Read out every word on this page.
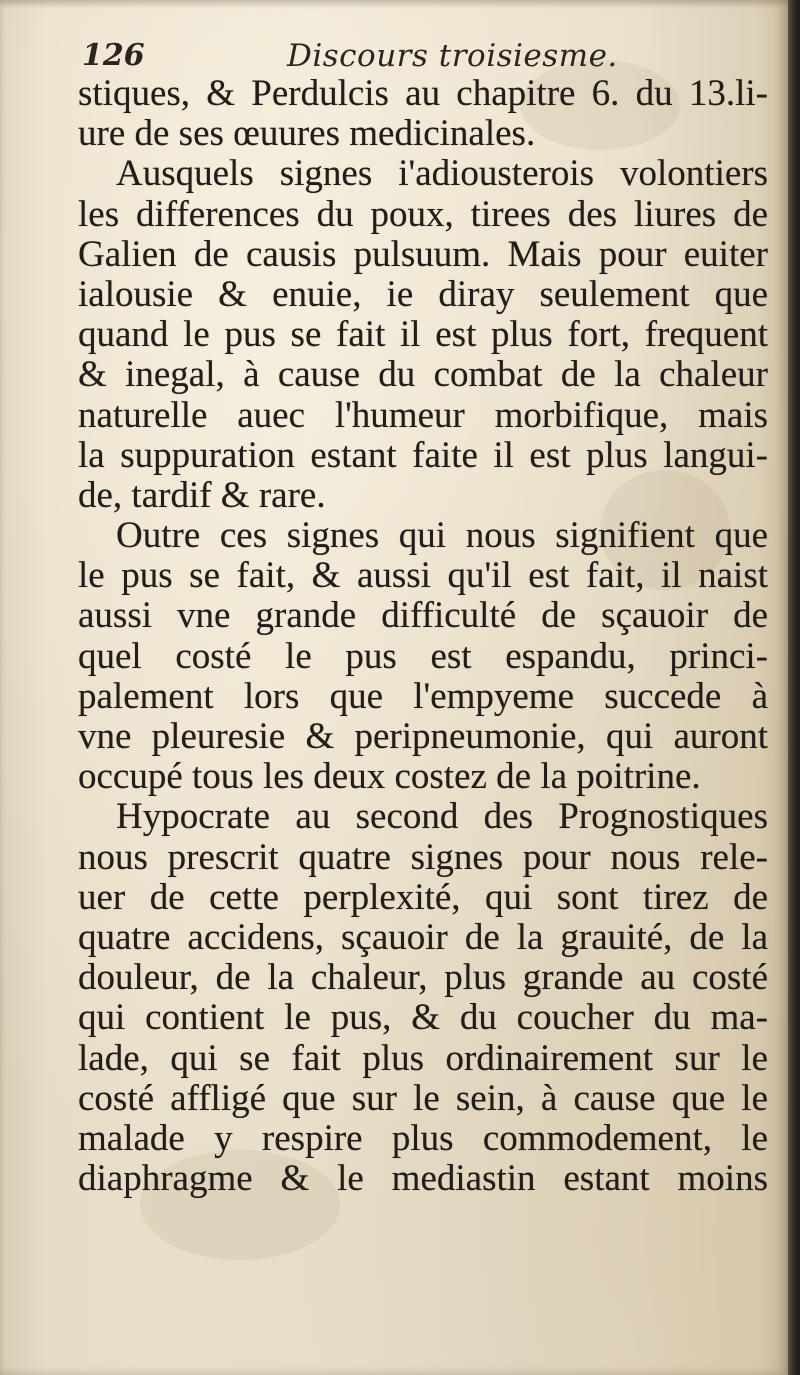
126	Discours troisiesme.
stiques, & Perdulcis au chapitre 6. du 13.li-
ure de ses œuures medicinales.
Ausquels signes i'adiousterois volontiers
les differences du poux, tirees des liures de
Galien de causis pulsuum. Mais pour euiter
ialousie & enuie, ie diray seulement que
quand le pus se fait il est plus fort, frequent
& inegal, à cause du combat de la chaleur
naturelle auec l'humeur morbifique, mais
la suppuration estant faite il est plus langui-
de, tardif & rare.
Outre ces signes qui nous signifient que
le pus se fait, & aussi qu'il est fait, il naist
aussi vne grande difficulté de sçauoir de
quel costé le pus est espandu, princi-
palement lors que l'empyeme succede à
vne pleuresie & peripneumonie, qui auront
occupé tous les deux costez de la poitrine.
Hypocrate au second des Prognostiques
nous prescrit quatre signes pour nous rele-
uer de cette perplexité, qui sont tirez de
quatre accidens, sçauoir de la grauité, de la
douleur, de la chaleur, plus grande au costé
qui contient le pus, & du coucher du ma-
lade, qui se fait plus ordinairement sur le
costé affligé que sur le sein, à cause que le
malade y respire plus commodement, le
diaphragme & le mediastin estant moins
